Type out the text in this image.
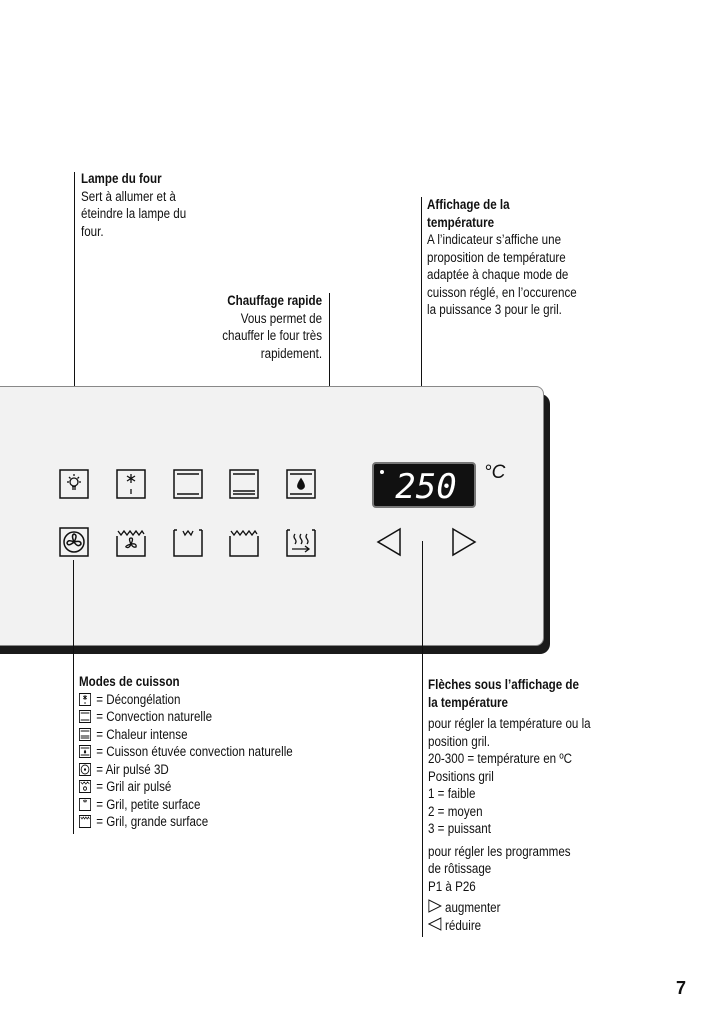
Lampe du four
Sert à allumer et à
éteindre la lampe du
four.
Chauffage rapide
Vous permet de
chauffer le four très
rapidement.
Affichage de la
température
A l’indicateur s’affiche une
proposition de température
adaptée à chaque mode de
cuisson réglé, en l’occurence
la puissance 3 pour le gril.
250 °C
Modes de cuisson
= Décongélation
= Convection naturelle
= Chaleur intense
= Cuisson étuvée convection naturelle
= Air pulsé 3D
= Gril air pulsé
= Gril, petite surface
= Gril, grande surface
Flèches sous l’affichage de
la température
pour régler la température ou la
position gril.
20-300 = température en ºC
Positions gril
1 = faible
2 = moyen
3 = puissant
pour régler les programmes
de rôtissage
P1 à P26
augmenter
réduire
7
